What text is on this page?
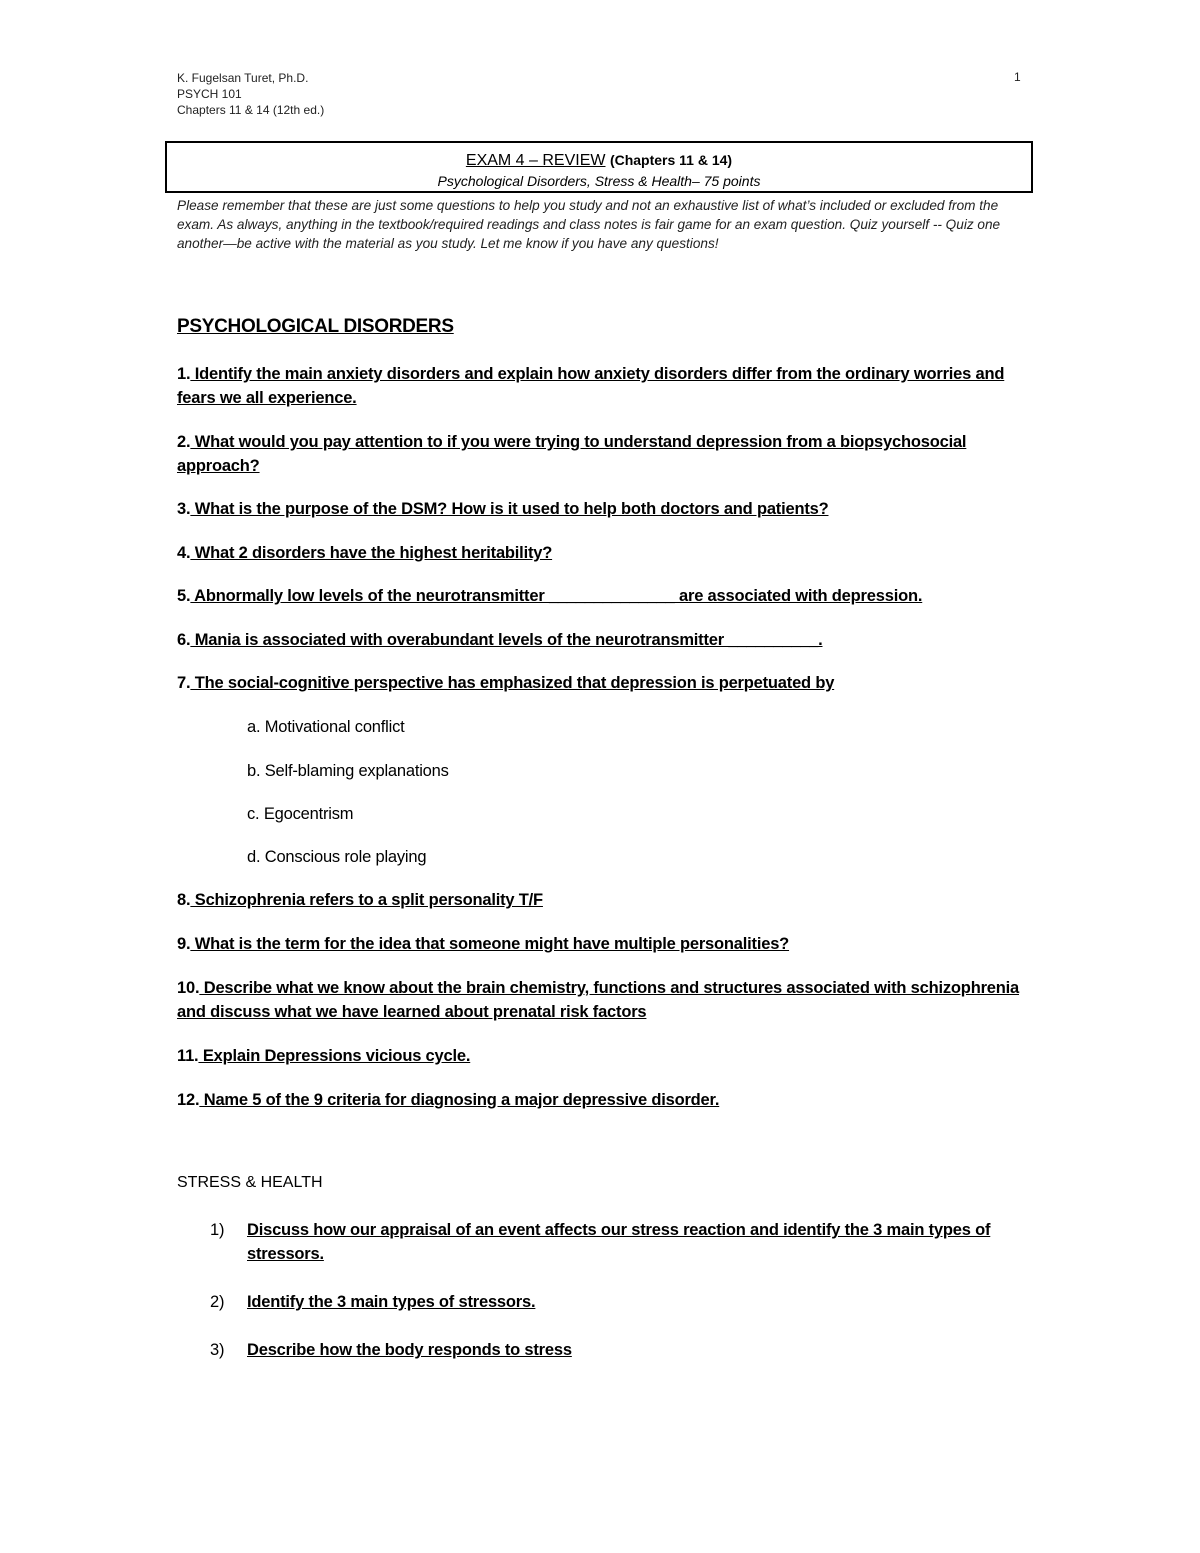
K. Fugelsan Turet, Ph.D.
PSYCH 101
Chapters 11 & 14 (12th ed.)
1
EXAM 4 – REVIEW (Chapters 11 & 14)
Psychological Disorders, Stress & Health– 75 points
Please remember that these are just some questions to help you study and not an exhaustive list of what’s included or excluded from the exam. As always, anything in the textbook/required readings and class notes is fair game for an exam question. Quiz yourself -- Quiz one another—be active with the material as you study. Let me know if you have any questions!
PSYCHOLOGICAL DISORDERS
1. Identify the main anxiety disorders and explain how anxiety disorders differ from the ordinary worries and fears we all experience.
2. What would you pay attention to if you were trying to understand depression from a biopsychosocial approach?
3. What is the purpose of the DSM? How is it used to help both doctors and patients?
4. What 2 disorders have the highest heritability?
5. Abnormally low levels of the neurotransmitter ______________ are associated with depression.
6. Mania is associated with overabundant levels of the neurotransmitter __________.
7. The social-cognitive perspective has emphasized that depression is perpetuated by
a. Motivational conflict
b. Self-blaming explanations
c. Egocentrism
d. Conscious role playing
8. Schizophrenia refers to a split personality T/F
9. What is the term for the idea that someone might have multiple personalities?
10. Describe what we know about the brain chemistry, functions and structures associated with schizophrenia and discuss what we have learned about prenatal risk factors
11. Explain Depressions vicious cycle.
12. Name 5 of the 9 criteria for diagnosing a major depressive disorder.
STRESS & HEALTH
1) Discuss how our appraisal of an event affects our stress reaction and identify the 3 main types of stressors.
2) Identify the 3 main types of stressors.
3) Describe how the body responds to stress
